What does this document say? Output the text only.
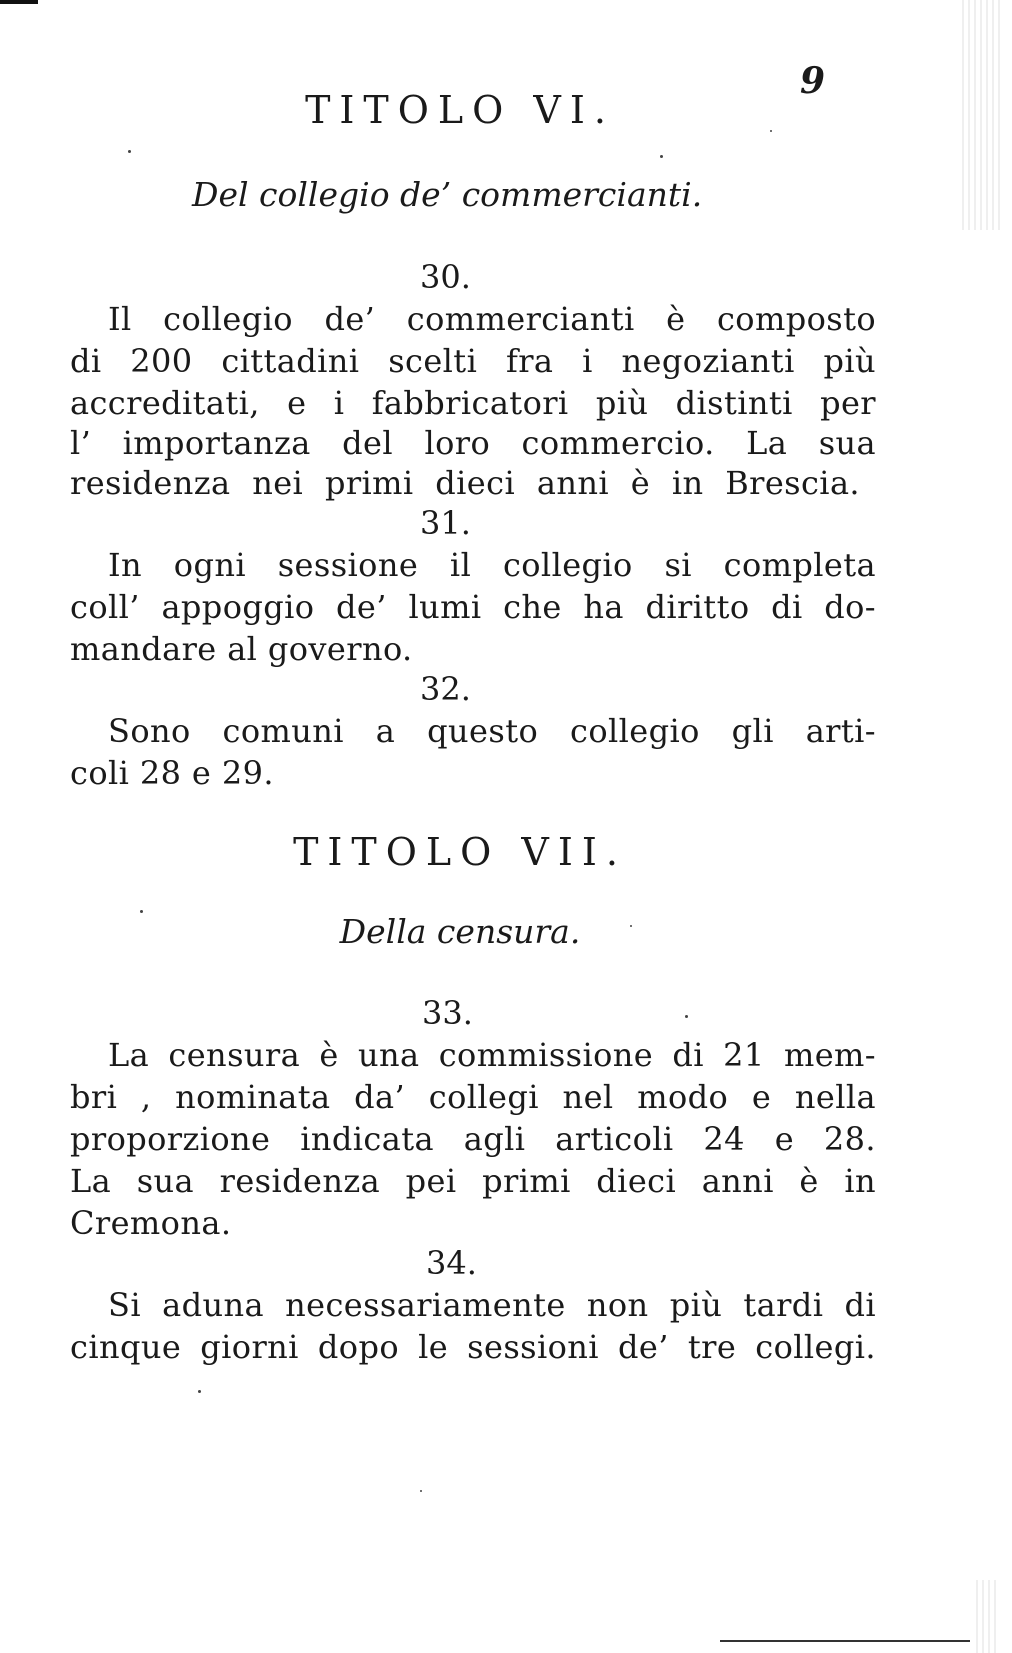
9
TITOLO VI.
Del collegio de’ commercianti.
30.
Il collegio de’ commercianti è composto
di 200 cittadini scelti fra i negozianti più
accreditati, e i fabbricatori più distinti per
l’ importanza del loro commercio. La sua
residenza nei primi dieci anni è in Brescia.
31.
In ogni sessione il collegio si completa
coll’ appoggio de’ lumi che ha diritto di do-
mandare al governo.
32.
Sono comuni a questo collegio gli arti-
coli 28 e 29.
TITOLO VII.
Della censura.
33.
La censura è una commissione di 21 mem-
bri , nominata da’ collegi nel modo e nella
proporzione indicata agli articoli 24 e 28.
La sua residenza pei primi dieci anni è in
Cremona.
34.
Si aduna necessariamente non più tardi di
cinque giorni dopo le sessioni de’ tre collegi.
